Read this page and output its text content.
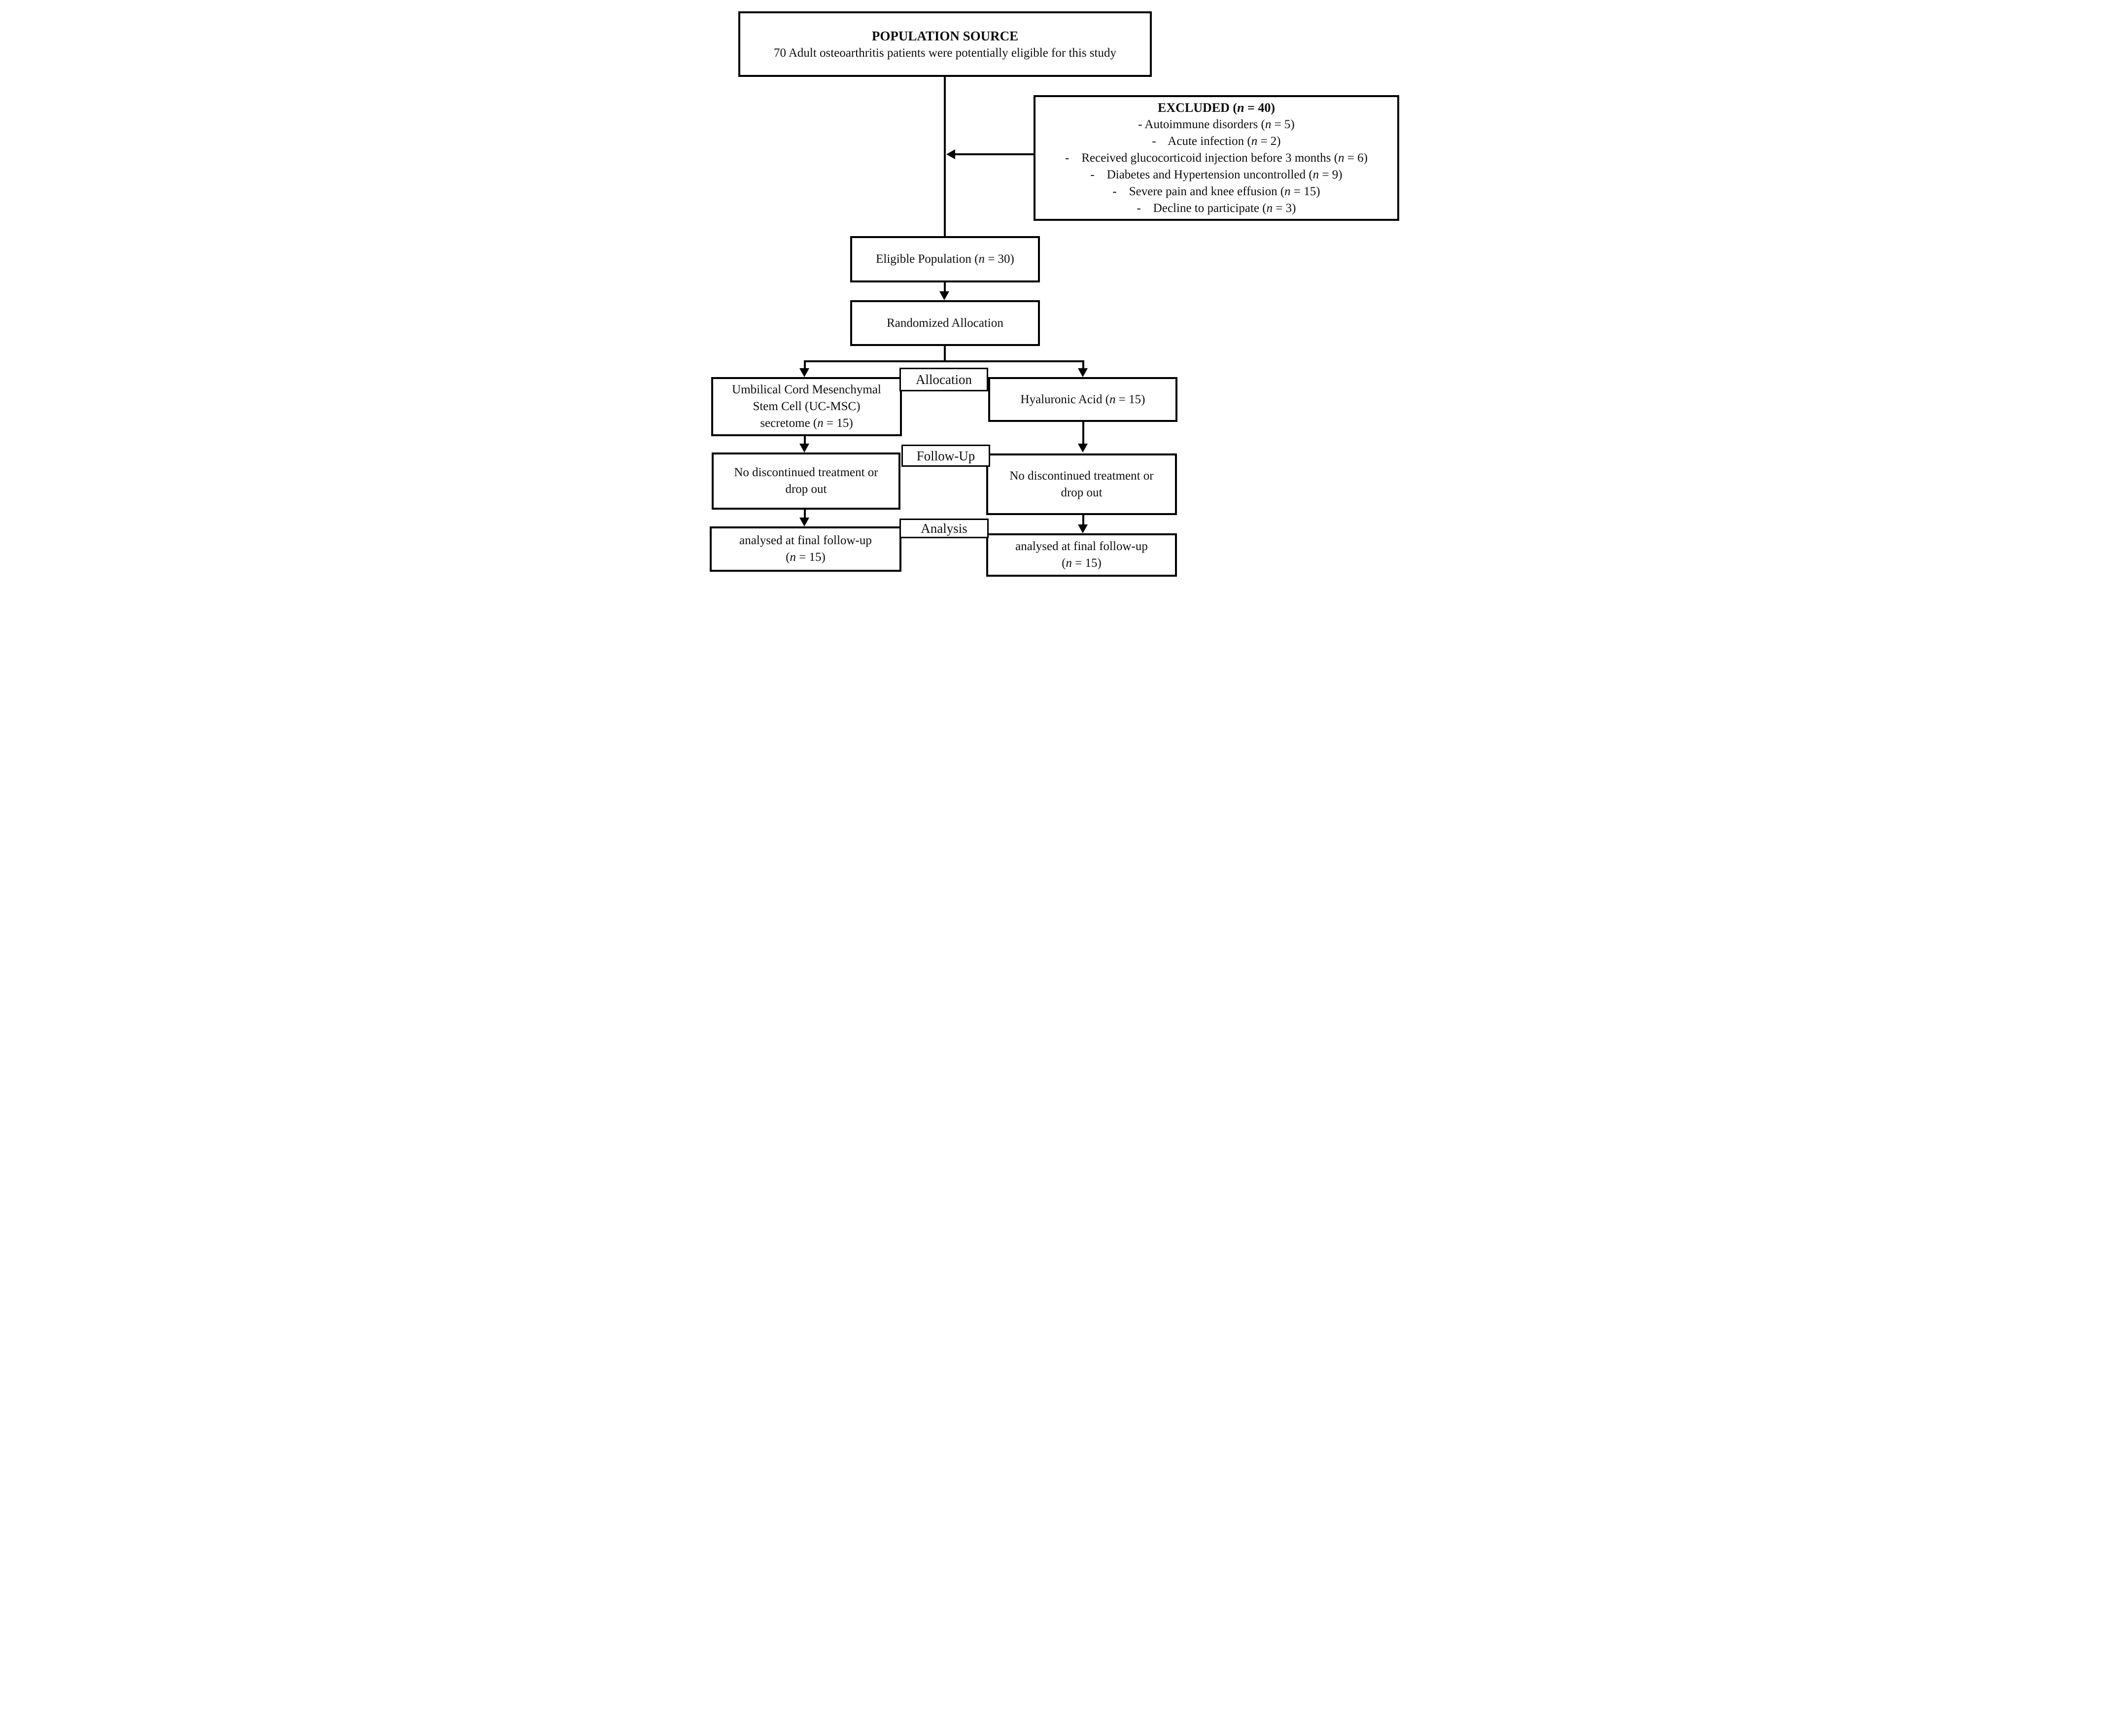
POPULATION SOURCE
70 Adult osteoarthritis patients were potentially eligible for this study
EXCLUDED (n = 40)
- Autoimmune disorders (n = 5)
-    Acute infection (n = 2)
-    Received glucocorticoid injection before 3 months (n = 6)
-    Diabetes and Hypertension uncontrolled (n = 9)
-    Severe pain and knee effusion (n = 15)
-    Decline to participate (n = 3)
Eligible Population (n = 30)
Randomized Allocation
Allocation
Umbilical Cord Mesenchymal
Stem Cell (UC-MSC)
secretome (n = 15)
Hyaluronic Acid (n = 15)
Follow-Up
No discontinued treatment or
drop out
No discontinued treatment or
drop out
Analysis
analysed at final follow-up
(n = 15)
analysed at final follow-up
(n = 15)
